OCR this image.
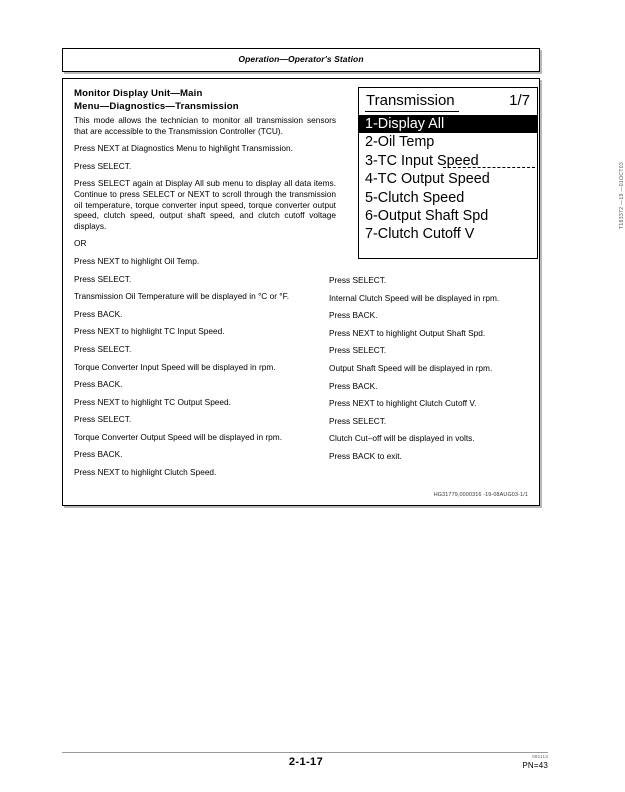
Operation—Operator's Station
Monitor Display Unit—Main
Menu—Diagnostics—Transmission	Transmission	1/7
1-Display All
2-Oil Temp
3-TC Input Speed
4-TC Output Speed
5-Clutch Speed
6-Output Shaft Spd
7-Clutch Cutoff V
T183372 —19 —01OCT03

This mode allows the technician to monitor all transmission sensors that are accessible to the Transmission Controller (TCU).

Press NEXT at Diagnostics Menu to highlight Transmission.

Press SELECT.

Press SELECT again at Display All sub menu to display all data items. Continue to press SELECT or NEXT to scroll through the transmission oil temperature, torque converter input speed, torque converter output speed, clutch speed, output shaft speed, and clutch cutoff voltage displays.

OR

Press NEXT to highlight Oil Temp.

Press SELECT.

Transmission Oil Temperature will be displayed in °C or °F.

Press BACK.

Press NEXT to highlight TC Input Speed.

Press SELECT.

Torque Converter Input Speed will be displayed in rpm.

Press BACK.

Press NEXT to highlight TC Output Speed.

Press SELECT.

Torque Converter Output Speed will be displayed in rpm.

Press BACK.

Press NEXT to highlight Clutch Speed.

Press SELECT.

Internal Clutch Speed will be displayed in rpm.

Press BACK.

Press NEXT to highlight Output Shaft Spd.

Press SELECT.

Output Shaft Speed will be displayed in rpm.

Press BACK.

Press NEXT to highlight Clutch Cutoff V.

Press SELECT.

Clutch Cut–off will be displayed in volts.

Press BACK to exit.

HG31779,0000316 -19-08AUG03-1/1
2-1-17	081113
PN=43
